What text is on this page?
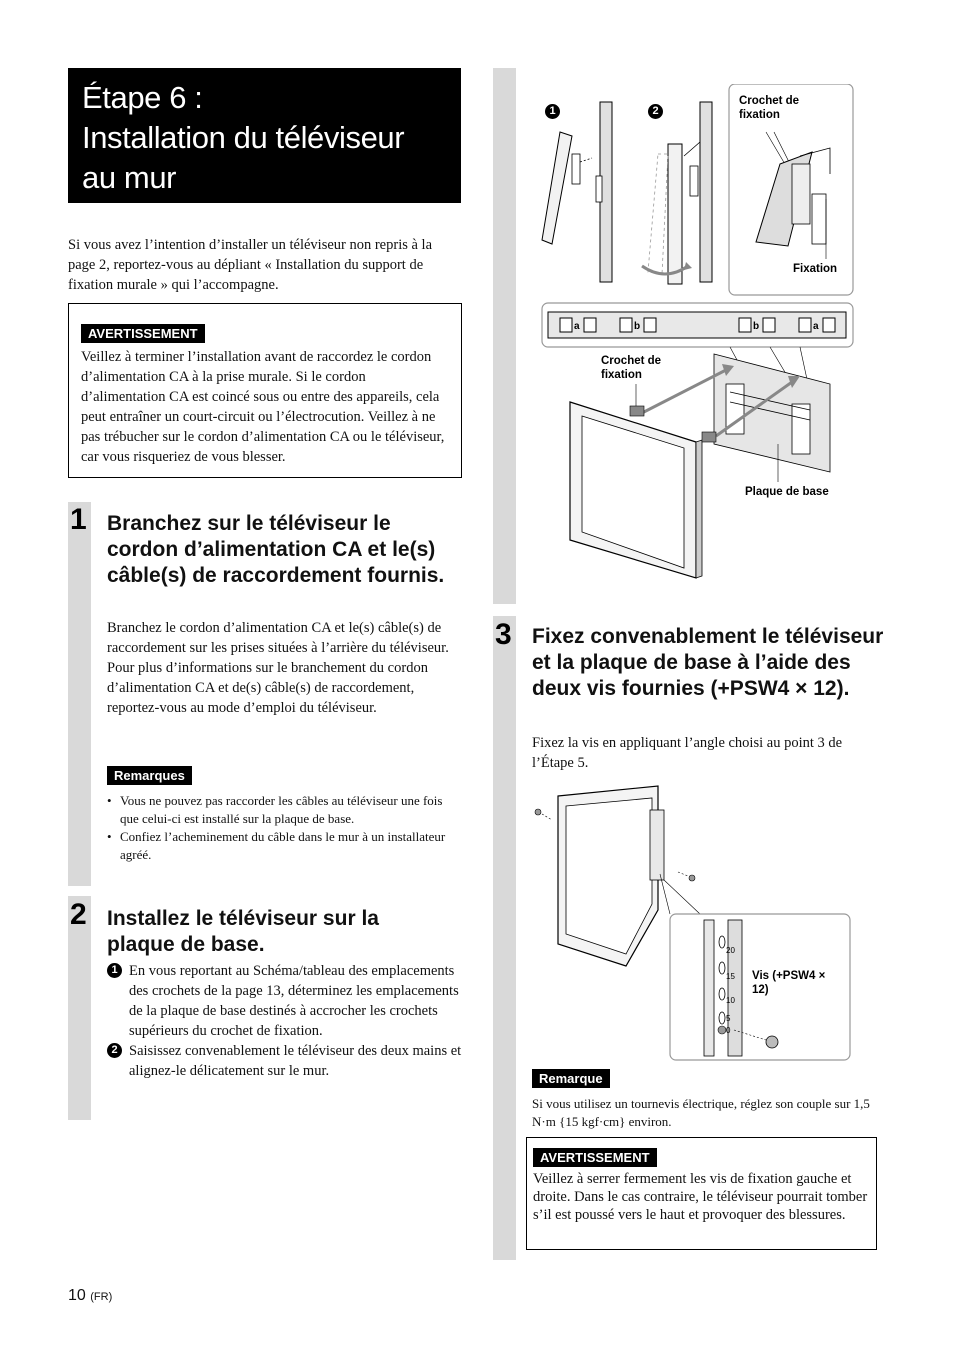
Étape 6 :
Installation du téléviseur
au mur
Si vous avez l’intention d’installer un téléviseur non repris à la page 2, reportez-vous au dépliant « Installation du support de fixation murale » qui l’accompagne.
AVERTISSEMENT
Veillez à terminer l’installation avant de raccordez le cordon d’alimentation CA à la prise murale. Si le cordon d’alimentation CA est coincé sous ou entre des appareils, cela peut entraîner un court-circuit ou l’électrocution. Veillez à ne pas trébucher sur le cordon d’alimentation CA ou le téléviseur, car vous risqueriez de vous blesser.
1 Branchez sur le téléviseur le cordon d’alimentation CA et le(s) câble(s) de raccordement fournis.
Branchez le cordon d’alimentation CA et le(s) câble(s) de raccordement sur les prises situées à l’arrière du téléviseur. Pour plus d’informations sur le branchement du cordon d’alimentation CA et de(s) câble(s) de raccordement, reportez-vous au mode d’emploi du téléviseur.
Remarques
• Vous ne pouvez pas raccorder les câbles au téléviseur une fois que celui-ci est installé sur la plaque de base.
• Confiez l’acheminement du câble dans le mur à un installateur agréé.
2 Installez le téléviseur sur la plaque de base.
1 En vous reportant au Schéma/tableau des emplacements des crochets de la page 13, déterminez les emplacements de la plaque de base destinés à accrocher les crochets supérieurs du crochet de fixation.
2 Saisissez convenablement le téléviseur des deux mains et alignez-le délicatement sur le mur.
1	2
Crochet de fixation
Fixation
Crochet de fixation
Plaque de base
a	b	b	a
3 Fixez convenablement le téléviseur et la plaque de base à l’aide des deux vis fournies (+PSW4 × 12).
Fixez la vis en appliquant l’angle choisi au point 3 de l’Étape 5.
20
15
10
5
0
Vis (+PSW4 × 12)
Remarque
Si vous utilisez un tournevis électrique, réglez son couple sur 1,5 N·m {15 kgf·cm} environ.
AVERTISSEMENT
Veillez à serrer fermement les vis de fixation gauche et droite. Dans le cas contraire, le téléviseur pourrait tomber s’il est poussé vers le haut et provoquer des blessures.
10 (FR)
